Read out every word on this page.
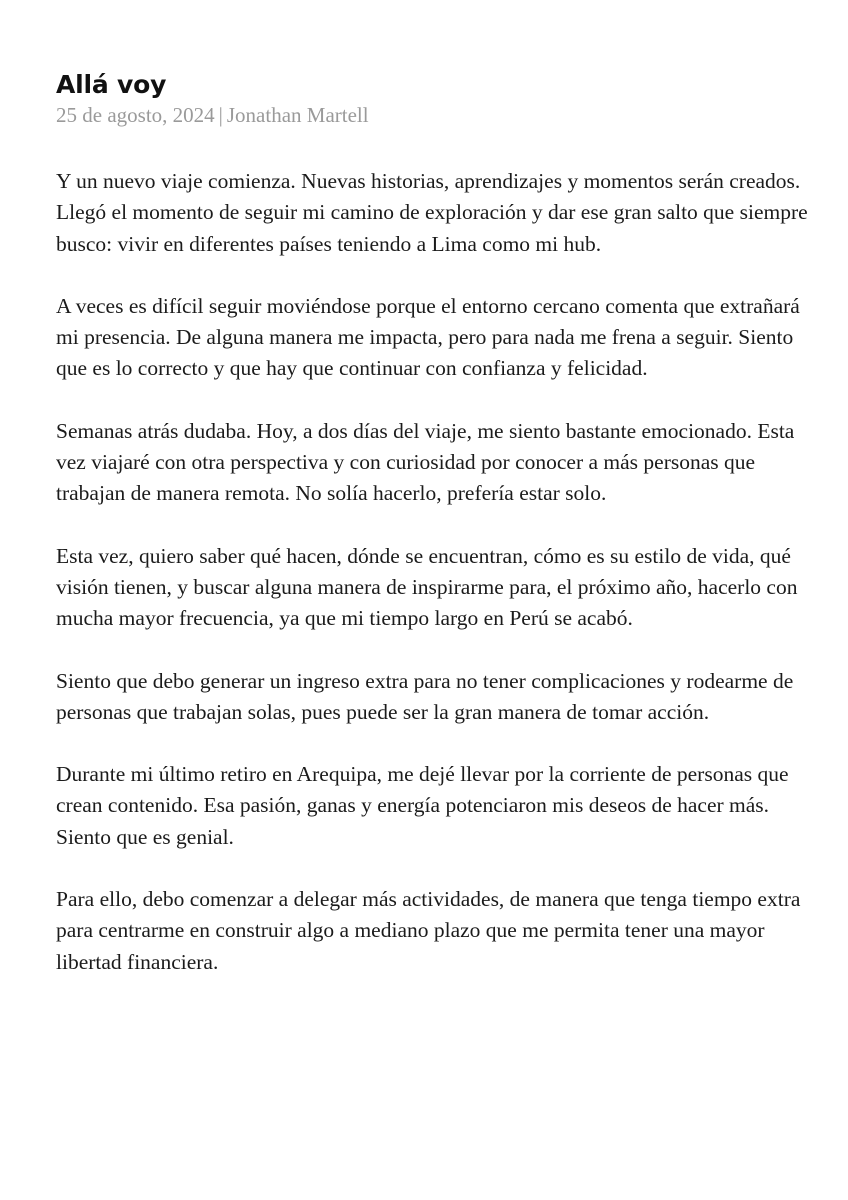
Allá voy

25 de agosto, 2024 | Jonathan Martell

Y un nuevo viaje comienza. Nuevas historias, aprendizajes y momentos serán creados. Llegó el momento de seguir mi camino de exploración y dar ese gran salto que siempre busco: vivir en diferentes países teniendo a Lima como mi hub.

A veces es difícil seguir moviéndose porque el entorno cercano comenta que extrañará mi presencia. De alguna manera me impacta, pero para nada me frena a seguir. Siento que es lo correcto y que hay que continuar con confianza y felicidad.

Semanas atrás dudaba. Hoy, a dos días del viaje, me siento bastante emocionado. Esta vez viajaré con otra perspectiva y con curiosidad por conocer a más personas que trabajan de manera remota. No solía hacerlo, prefería estar solo.

Esta vez, quiero saber qué hacen, dónde se encuentran, cómo es su estilo de vida, qué visión tienen, y buscar alguna manera de inspirarme para, el próximo año, hacerlo con mucha mayor frecuencia, ya que mi tiempo largo en Perú se acabó.

Siento que debo generar un ingreso extra para no tener complicaciones y rodearme de personas que trabajan solas, pues puede ser la gran manera de tomar acción.

Durante mi último retiro en Arequipa, me dejé llevar por la corriente de personas que crean contenido. Esa pasión, ganas y energía potenciaron mis deseos de hacer más. Siento que es genial.

Para ello, debo comenzar a delegar más actividades, de manera que tenga tiempo extra para centrarme en construir algo a mediano plazo que me permita tener una mayor libertad financiera.
